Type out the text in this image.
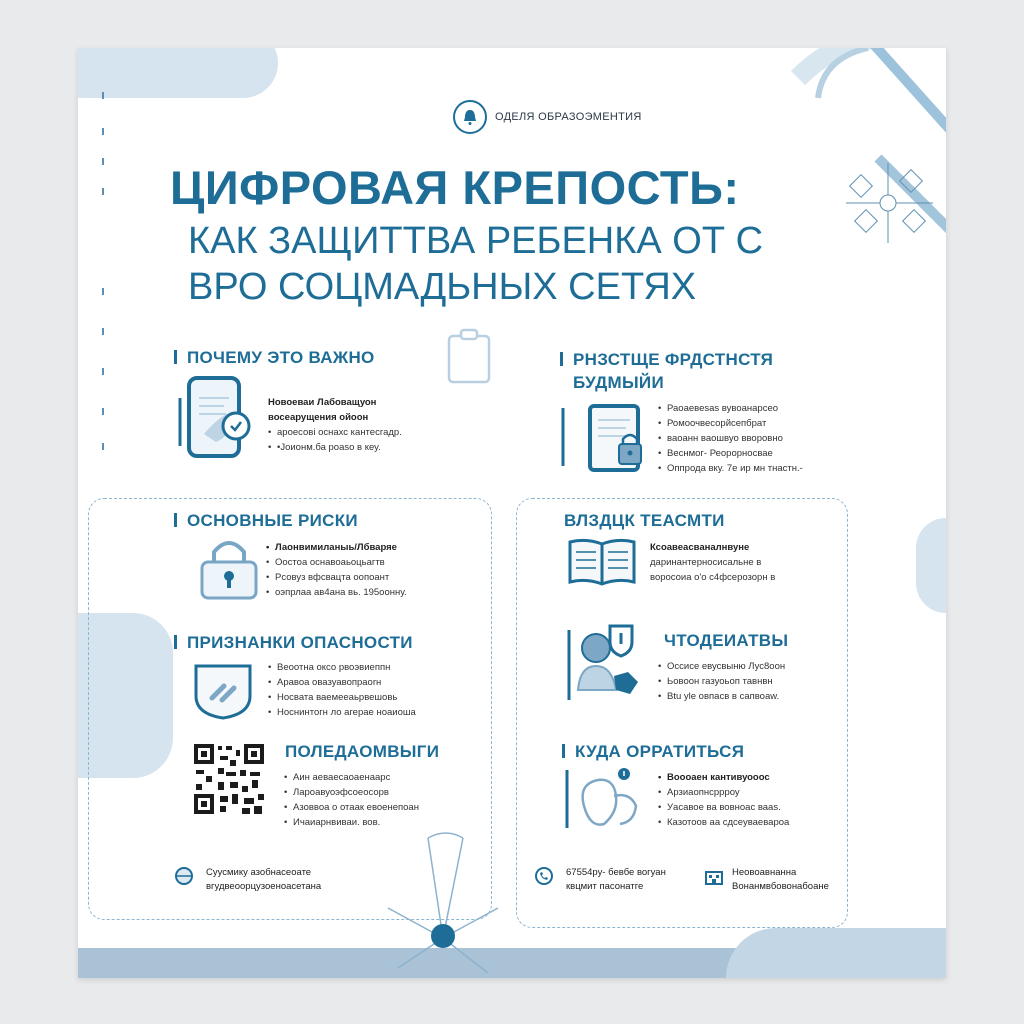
ОДЕЛЯ ОБРАЗОЭМЕНТИЯ
ЦИФРОВАЯ КРЕПОСТЬ:
КАК ЗАЩИТТВА РЕБЕНКА ОТ С
ВРО СОЦМАДЬНЫХ СЕТЯХ
ПОЧЕМУ ЭТО ВАЖНО
Новоеваи Лабоващуон
восеарущения ойоон
• ароесовi оснахс кантесгадр.
• •Jоионм.ба роаsо в кеу.
РНЗСТЩЕ ФРДСТНСТЯ
БУДМЫЙИ
• Раоаевеsas вувоанарсео
• Ромоочвесорйсепбрат
• ваоанн ваошвуо вворовно
• Веснмог- Реорорносвае
• Оппрода вку. 7е ир мн тнастн.-
ОСНОВНЫЕ РИСКИ
• Лаонвимиланыь/Лбваряе
• Оостоа оснавоаьоцьагтв
• Рсовуз вфсвацта оопоант
• оэпрлаа ав4ана вь. 195оонну.
ВЛЗДЦК ТЕАСМТИ
Ксоавеасваналнвуне
даринантерносисальне в
воросоиа о'о с4фсерозорн в
ПРИЗНАНКИ ОПАСНОСТИ
• Веоотна оксо рвоэвиеппн
• Аравоа овазуавопраоrн
• Носвата ваемееаьрвешовь
• Носнинтогн ло агерае ноаиоша
ЧТОДЕИАТВЫ
• Оссисе евусвыню Лус8оон
• Ьовоон газуоьоп тавнвн
• Вtu уle овпасв в сапвоаw.
ПОЛЕДАОМВЫГИ
• Аин аеваесаоаенаарс
• Лароавуоэфсоеосорв
• Азоввоа о отаак евоенепоан
• Ичаиарнвиваи. вов.
КУДА ОРРАТИТЬСЯ
• Воооаен кантивуооос
• Арзиаопнсррроу
• Уасавое ва вовноас вааs.
• Казотоов аа сдсеуваевароа
Суусмику азобнасеоате
вгудвеоорцузоеноасетана
67554ру- бевбе вогуан
квцмит пасонатге
Неовоавнанна
Вонанмвбовонабоане
